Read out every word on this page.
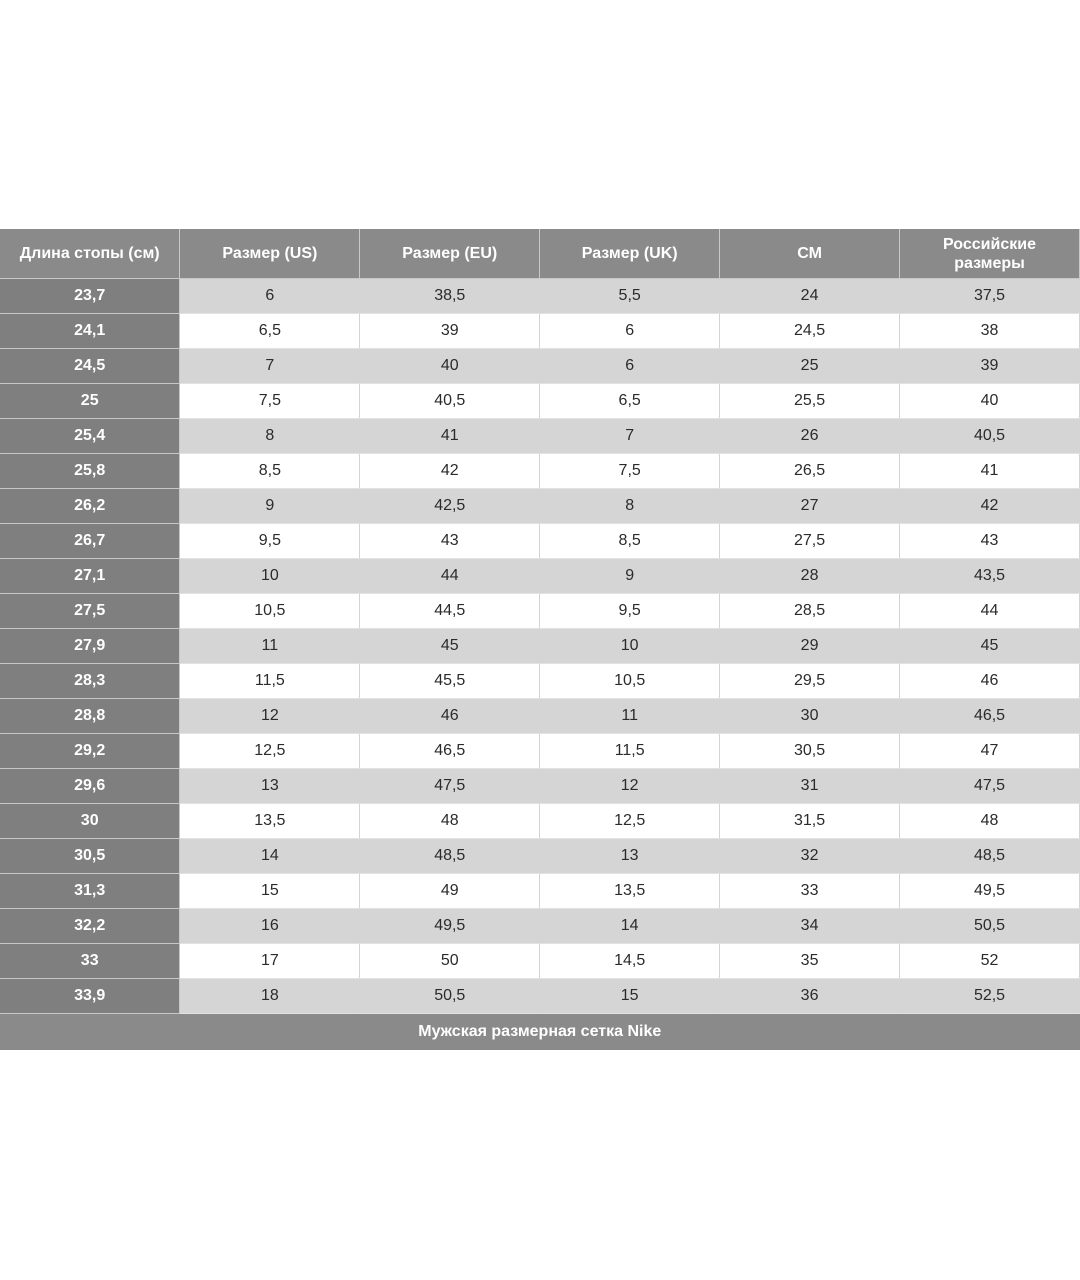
Длина стопы (см)	Размер (US)	Размер (EU)	Размер (UK)	СМ	Российские размеры
23,7	6	38,5	5,5	24	37,5
24,1	6,5	39	6	24,5	38
24,5	7	40	6	25	39
25	7,5	40,5	6,5	25,5	40
25,4	8	41	7	26	40,5
25,8	8,5	42	7,5	26,5	41
26,2	9	42,5	8	27	42
26,7	9,5	43	8,5	27,5	43
27,1	10	44	9	28	43,5
27,5	10,5	44,5	9,5	28,5	44
27,9	11	45	10	29	45
28,3	11,5	45,5	10,5	29,5	46
28,8	12	46	11	30	46,5
29,2	12,5	46,5	11,5	30,5	47
29,6	13	47,5	12	31	47,5
30	13,5	48	12,5	31,5	48
30,5	14	48,5	13	32	48,5
31,3	15	49	13,5	33	49,5
32,2	16	49,5	14	34	50,5
33	17	50	14,5	35	52
33,9	18	50,5	15	36	52,5
Мужская размерная сетка Nike					
